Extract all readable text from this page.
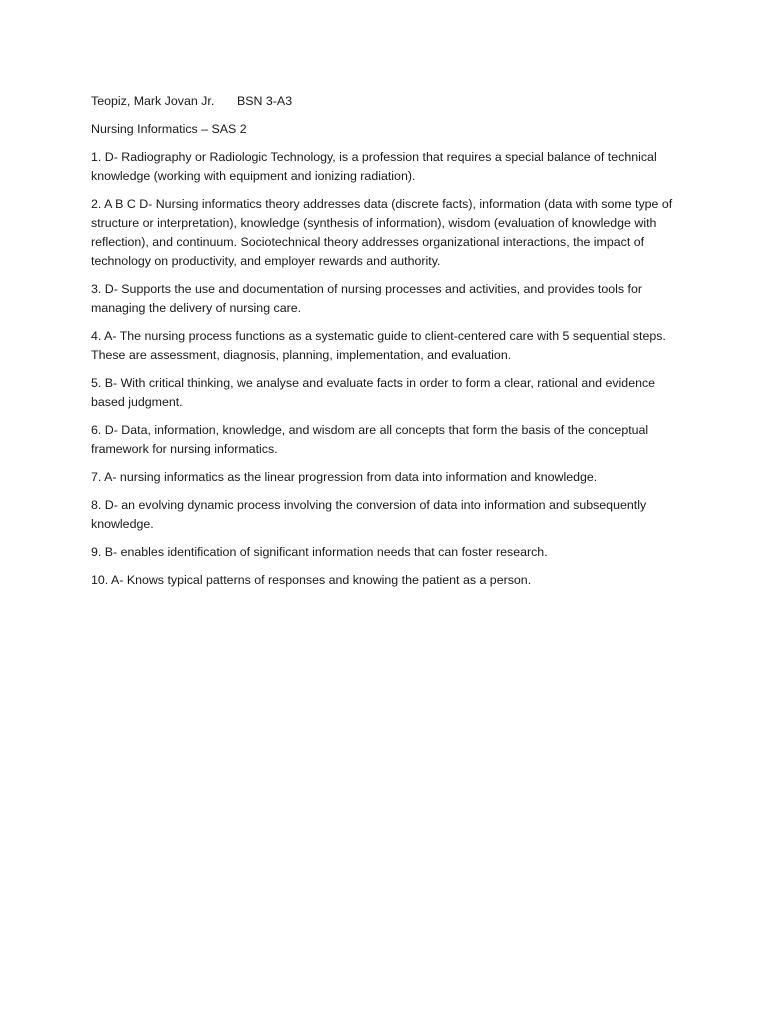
Teopiz, Mark Jovan Jr. BSN 3-A3
Nursing Informatics – SAS 2
1. D- Radiography or Radiologic Technology, is a profession that requires a special balance of technical knowledge (working with equipment and ionizing radiation).
2. A B C D- Nursing informatics theory addresses data (discrete facts), information (data with some type of structure or interpretation), knowledge (synthesis of information), wisdom (evaluation of knowledge with reflection), and continuum. Sociotechnical theory addresses organizational interactions, the impact of technology on productivity, and employer rewards and authority.
3. D- Supports the use and documentation of nursing processes and activities, and provides tools for managing the delivery of nursing care.
4. A- The nursing process functions as a systematic guide to client-centered care with 5 sequential steps. These are assessment, diagnosis, planning, implementation, and evaluation.
5. B- With critical thinking, we analyse and evaluate facts in order to form a clear, rational and evidence based judgment.
6. D- Data, information, knowledge, and wisdom are all concepts that form the basis of the conceptual framework for nursing informatics.
7. A- nursing informatics as the linear progression from data into information and knowledge.
8. D- an evolving dynamic process involving the conversion of data into information and subsequently knowledge.
9. B- enables identification of significant information needs that can foster research.
10. A- Knows typical patterns of responses and knowing the patient as a person.
